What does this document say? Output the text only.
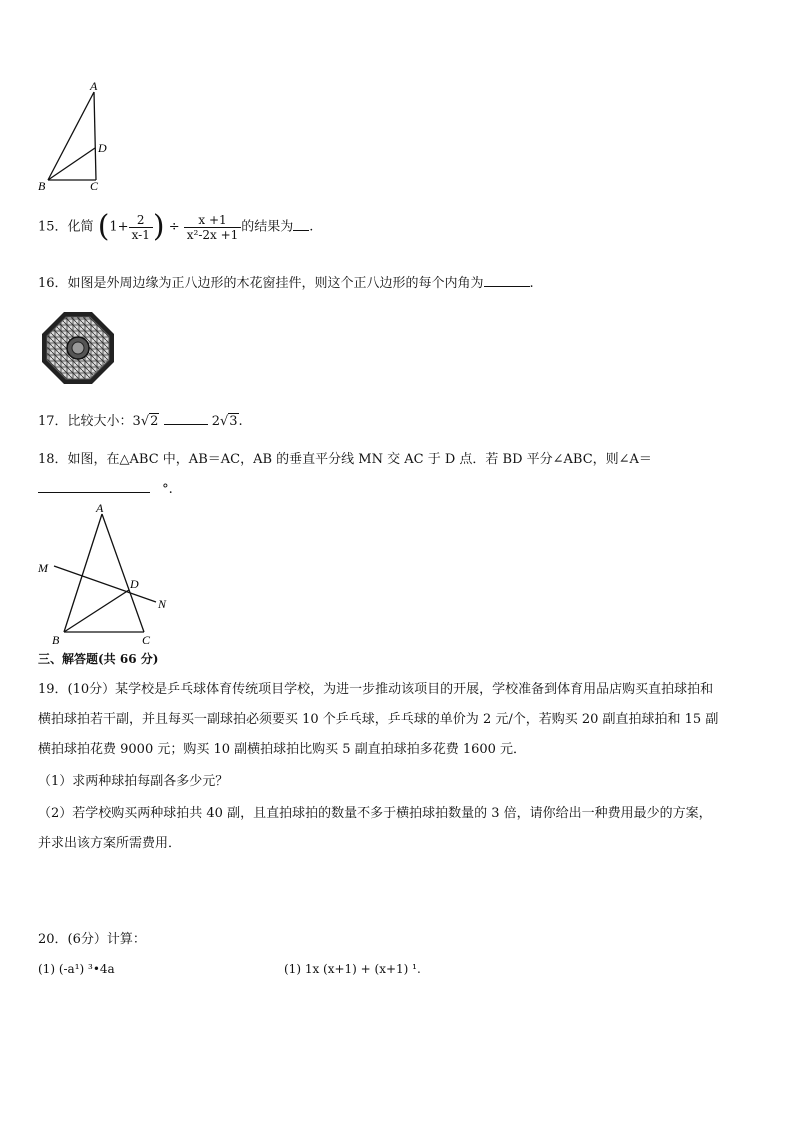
A
D
B	C
15．化简 ($1+ \frac{2}{x-1}$ ) ÷ $\frac{x +1}{\text{x²-2x +1}}$ 的结果为 .
16．如图是外周边缘为正八边形的木花窗挂件，则这个正八边形的每个内角为	.
17．比较大小：3√2	2√3.
18．如图，在△ABC 中，AB＝AC，AB 的垂直平分线 MN 交 AC 于 D 点．若 BD 平分∠ABC，则∠A＝
°.
A
M
D
N
B	C
三、解答题(共 66 分)
19．(10分）某学校是乒乓球体育传统项目学校，为进一步推动该项目的开展，学校准备到体育用品店购买直拍球拍和
横拍球拍若干副，并且每买一副球拍必须要买 10 个乒乓球，乒乓球的单价为 2 元/个，若购买 20 副直拍球拍和 15 副
横拍球拍花费 9000 元；购买 10 副横拍球拍比购买 5 副直拍球拍多花费 1600 元．
（1）求两种球拍每副各多少元？
（2）若学校购买两种球拍共 40 副，且直拍球拍的数量不多于横拍球拍数量的 3 倍，请你给出一种费用最少的方案，
并求出该方案所需费用．
20．(6分）计算：
(1) (-a¹) ³•4a	(1) 1x (x+1) + (x+1) ¹.
